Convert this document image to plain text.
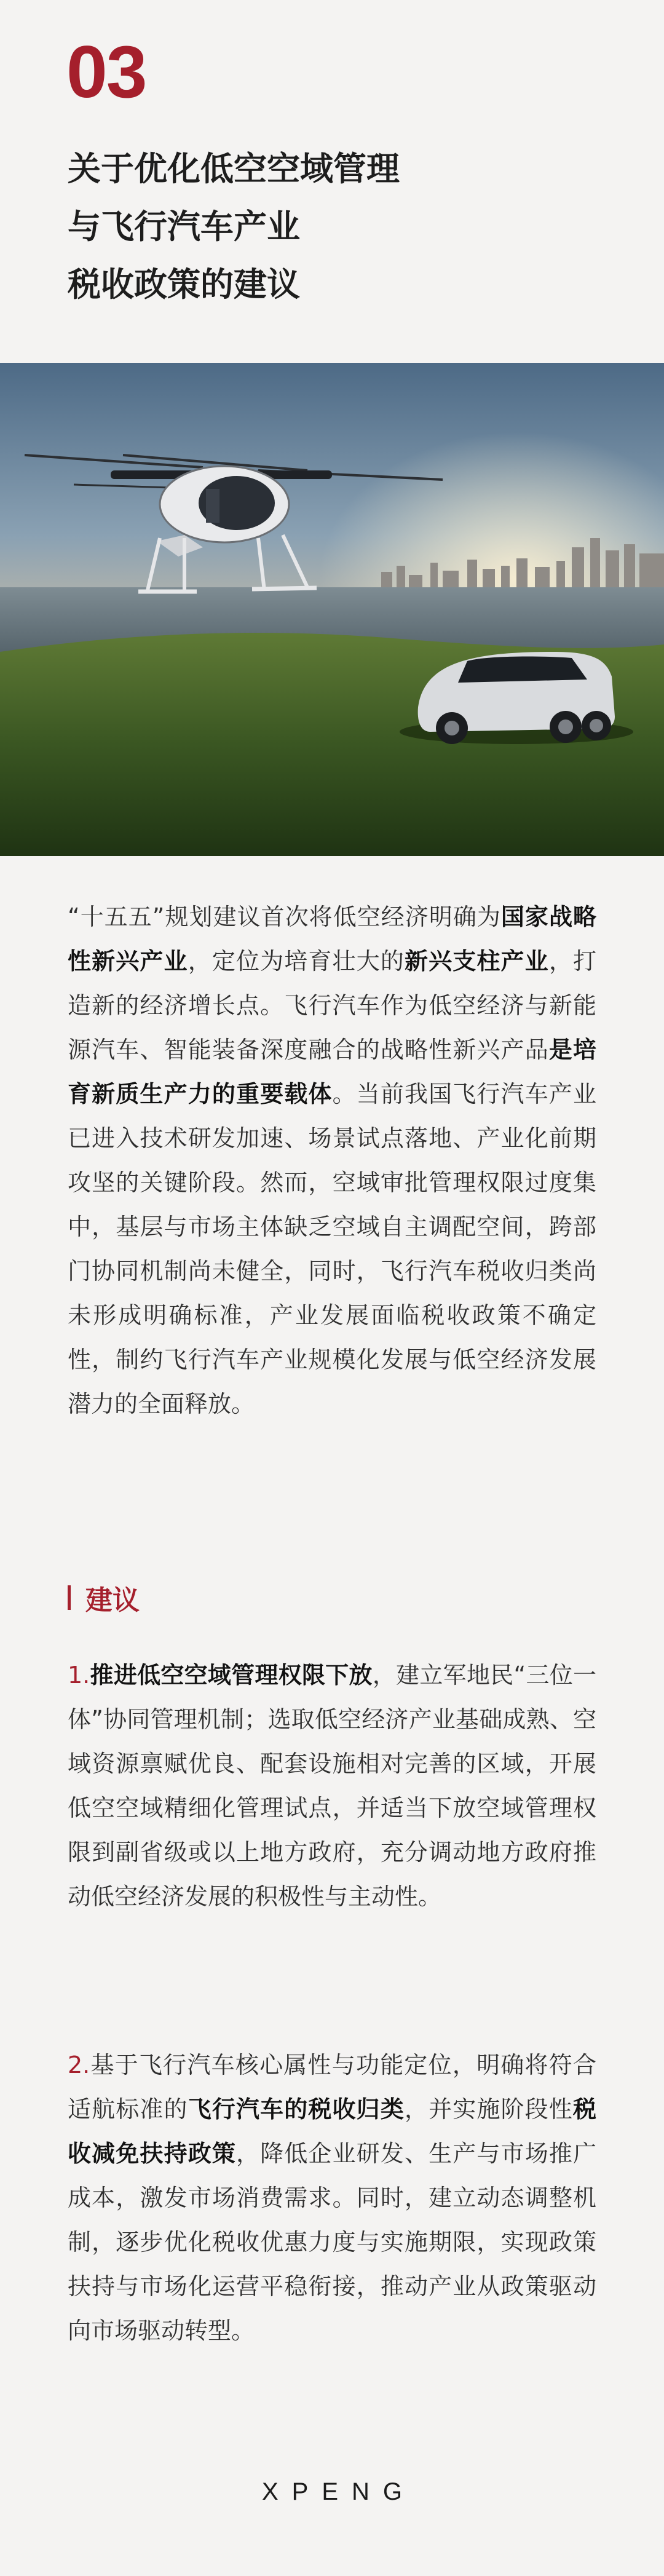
03
关于优化低空空域管理
与飞行汽车产业
税收政策的建议

“十五五”规划建议首次将低空经济明确为国家战略性新兴产业，定位为培育壮大的新兴支柱产业，打造新的经济增长点。飞行汽车作为低空经济与新能源汽车、智能装备深度融合的战略性新兴产品是培育新质生产力的重要载体。当前我国飞行汽车产业已进入技术研发加速、场景试点落地、产业化前期攻坚的关键阶段。然而，空域审批管理权限过度集中，基层与市场主体缺乏空域自主调配空间，跨部门协同机制尚未健全，同时，飞行汽车税收归类尚未形成明确标准，产业发展面临税收政策不确定性，制约飞行汽车产业规模化发展与低空经济发展潜力的全面释放。

建议

1.推进低空空域管理权限下放，建立军地民“三位一体”协同管理机制；选取低空经济产业基础成熟、空域资源禀赋优良、配套设施相对完善的区域，开展低空空域精细化管理试点，并适当下放空域管理权限到副省级或以上地方政府，充分调动地方政府推动低空经济发展的积极性与主动性。

2.基于飞行汽车核心属性与功能定位，明确将符合适航标准的飞行汽车的税收归类，并实施阶段性税收减免扶持政策，降低企业研发、生产与市场推广成本，激发市场消费需求。同时，建立动态调整机制，逐步优化税收优惠力度与实施期限，实现政策扶持与市场化运营平稳衔接，推动产业从政策驱动向市场驱动转型。

XPENG
